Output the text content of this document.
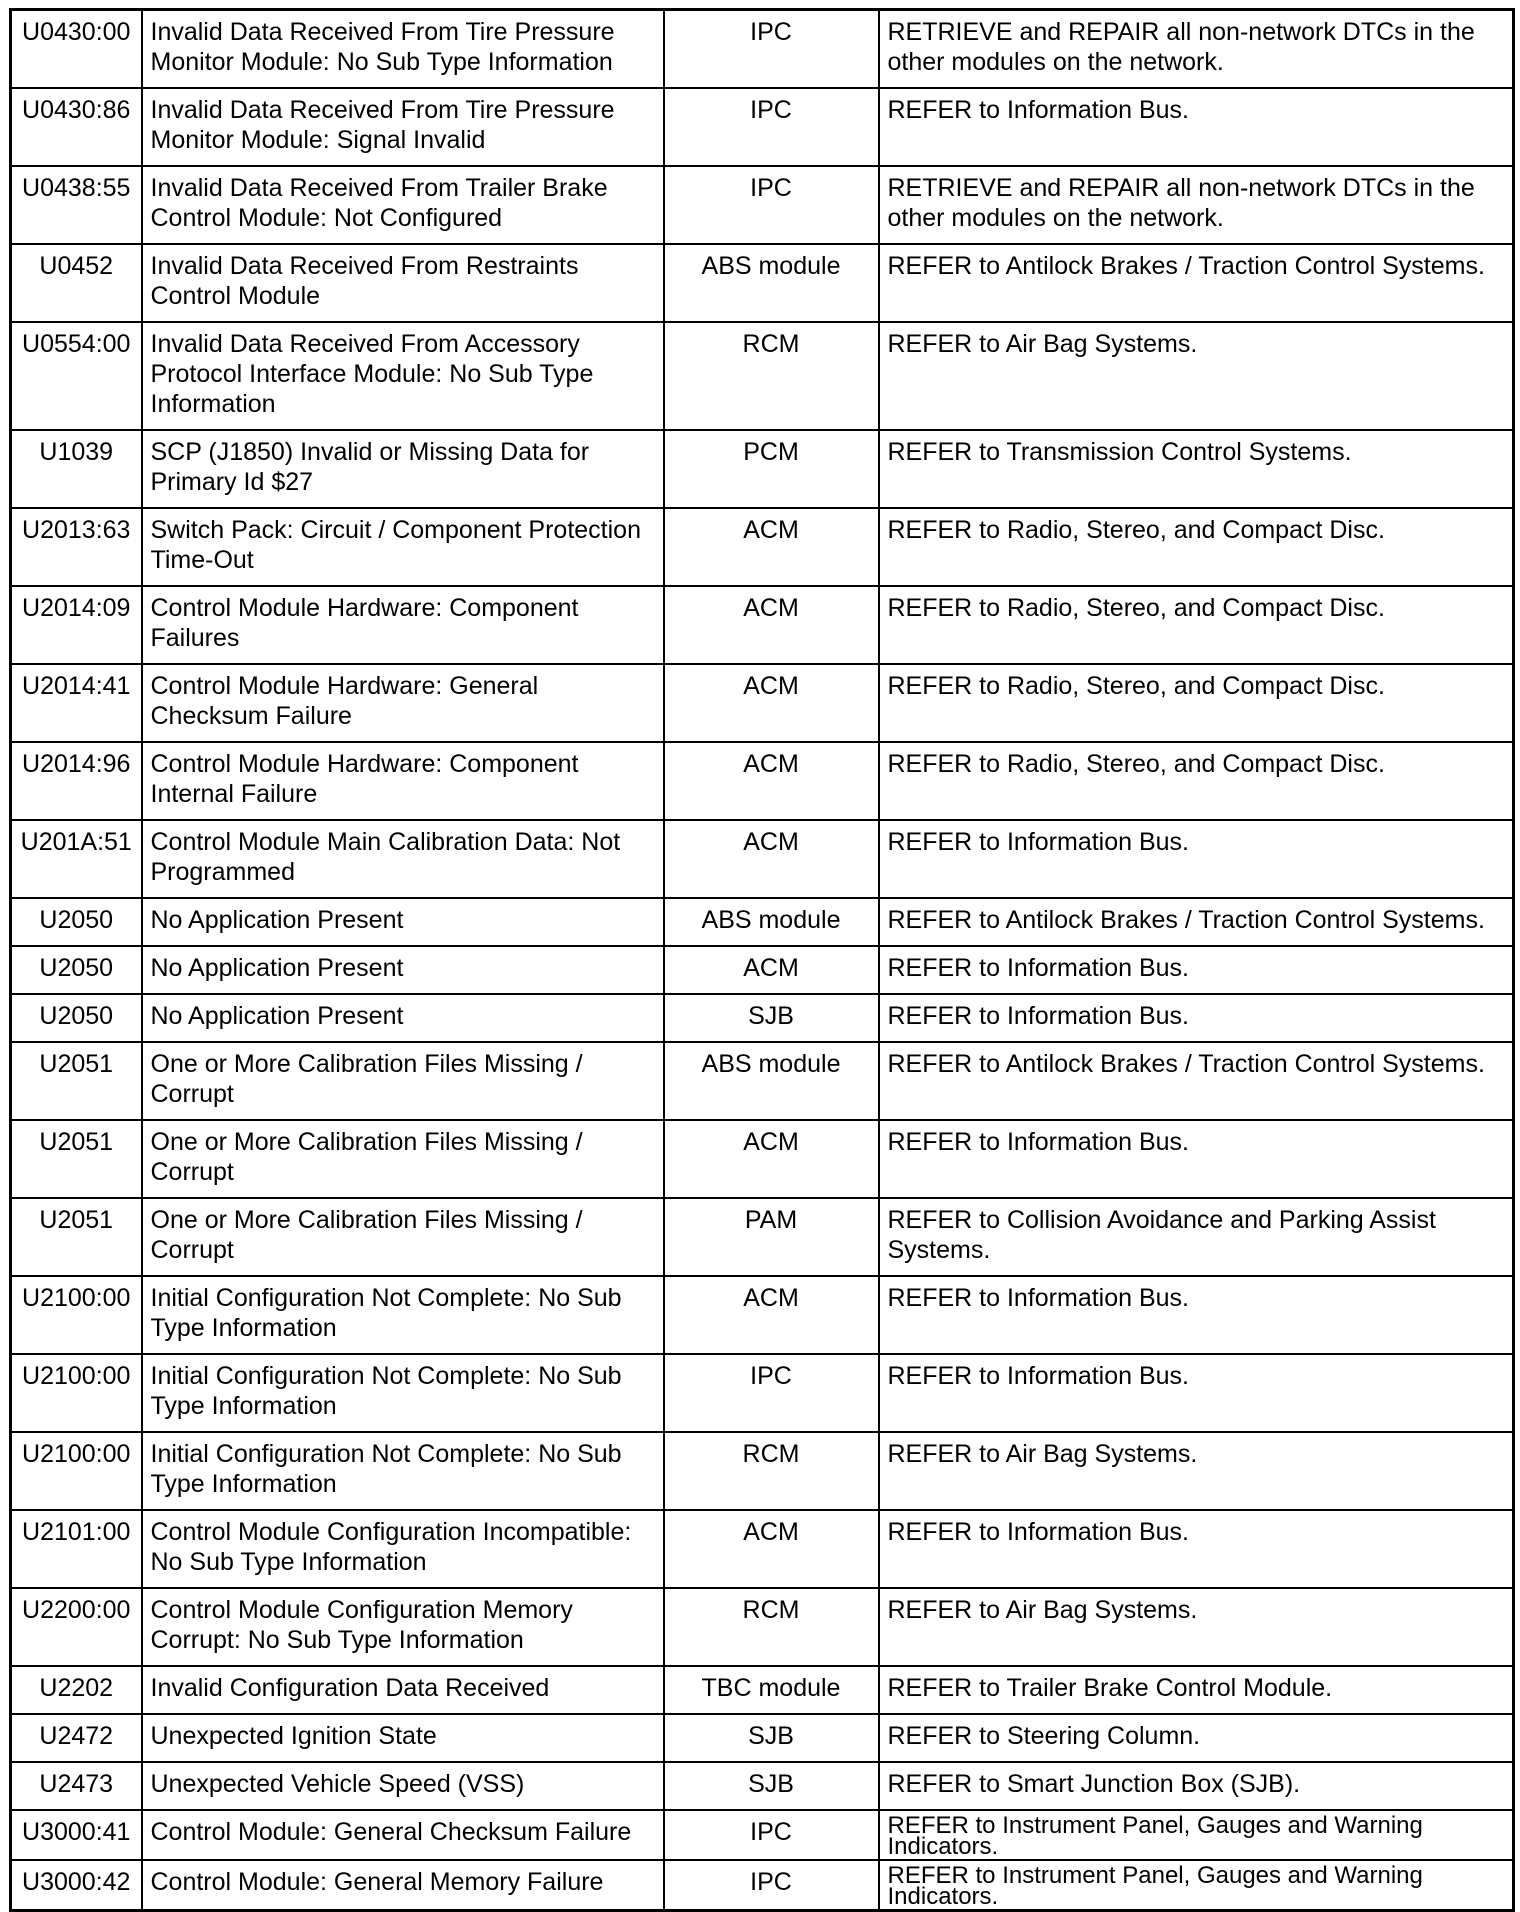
U0430:00	Invalid Data Received From Tire Pressure Monitor Module: No Sub Type Information	IPC	RETRIEVE and REPAIR all non-network DTCs in the other modules on the network.
U0430:86	Invalid Data Received From Tire Pressure Monitor Module: Signal Invalid	IPC	REFER to Information Bus.
U0438:55	Invalid Data Received From Trailer Brake Control Module: Not Configured	IPC	RETRIEVE and REPAIR all non-network DTCs in the other modules on the network.
U0452	Invalid Data Received From Restraints Control Module	ABS module	REFER to Antilock Brakes / Traction Control Systems.
U0554:00	Invalid Data Received From Accessory Protocol Interface Module: No Sub Type Information	RCM	REFER to Air Bag Systems.
U1039	SCP (J1850) Invalid or Missing Data for Primary Id $27	PCM	REFER to Transmission Control Systems.
U2013:63	Switch Pack: Circuit / Component Protection Time-Out	ACM	REFER to Radio, Stereo, and Compact Disc.
U2014:09	Control Module Hardware: Component Failures	ACM	REFER to Radio, Stereo, and Compact Disc.
U2014:41	Control Module Hardware: General Checksum Failure	ACM	REFER to Radio, Stereo, and Compact Disc.
U2014:96	Control Module Hardware: Component Internal Failure	ACM	REFER to Radio, Stereo, and Compact Disc.
U201A:51	Control Module Main Calibration Data: Not Programmed	ACM	REFER to Information Bus.
U2050	No Application Present	ABS module	REFER to Antilock Brakes / Traction Control Systems.
U2050	No Application Present	ACM	REFER to Information Bus.
U2050	No Application Present	SJB	REFER to Information Bus.
U2051	One or More Calibration Files Missing / Corrupt	ABS module	REFER to Antilock Brakes / Traction Control Systems.
U2051	One or More Calibration Files Missing / Corrupt	ACM	REFER to Information Bus.
U2051	One or More Calibration Files Missing / Corrupt	PAM	REFER to Collision Avoidance and Parking Assist Systems.
U2100:00	Initial Configuration Not Complete: No Sub Type Information	ACM	REFER to Information Bus.
U2100:00	Initial Configuration Not Complete: No Sub Type Information	IPC	REFER to Information Bus.
U2100:00	Initial Configuration Not Complete: No Sub Type Information	RCM	REFER to Air Bag Systems.
U2101:00	Control Module Configuration Incompatible: No Sub Type Information	ACM	REFER to Information Bus.
U2200:00	Control Module Configuration Memory Corrupt: No Sub Type Information	RCM	REFER to Air Bag Systems.
U2202	Invalid Configuration Data Received	TBC module	REFER to Trailer Brake Control Module.
U2472	Unexpected Ignition State	SJB	REFER to Steering Column.
U2473	Unexpected Vehicle Speed (VSS)	SJB	REFER to Smart Junction Box (SJB).
U3000:41	Control Module: General Checksum Failure	IPC	REFER to Instrument Panel, Gauges and Warning Indicators.
U3000:42	Control Module: General Memory Failure	IPC	REFER to Instrument Panel, Gauges and Warning Indicators.
